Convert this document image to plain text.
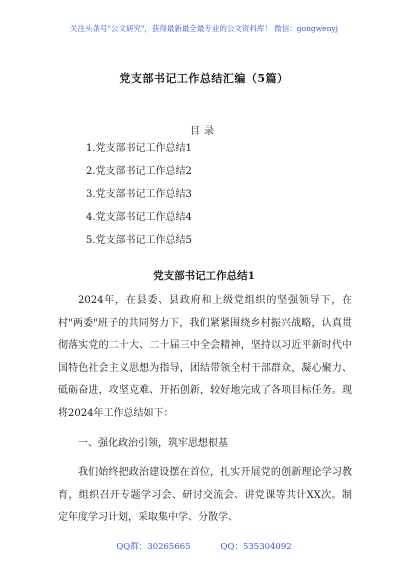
关注头条号"公文研究"，获得最新最全最专业的公文资料库！ 微信：gongwenyj
党支部书记工作总结汇编（5篇）
目录
1.党支部书记工作总结1
2.党支部书记工作总结2
3.党支部书记工作总结3
4.党支部书记工作总结4
5.党支部书记工作总结5
党支部书记工作总结1

2024年，在县委、县政府和上级党组织的坚强领导下，在村"两委"班子的共同努力下，我们紧紧围绕乡村振兴战略，认真贯彻落实党的二十大、二十届三中全会精神，坚持以习近平新时代中国特色社会主义思想为指导，团结带领全村干部群众，凝心聚力、砥砺奋进，攻坚克难、开拓创新，较好地完成了各项目标任务。现将2024年工作总结如下：

一、强化政治引领，筑牢思想根基

我们始终把政治建设摆在首位，扎实开展党的创新理论学习教育，组织召开专题学习会、研讨交流会、讲党课等共计XX次。制定年度学习计划，采取集中学、分散学、

QQ群：30265665	QQ：535304092
